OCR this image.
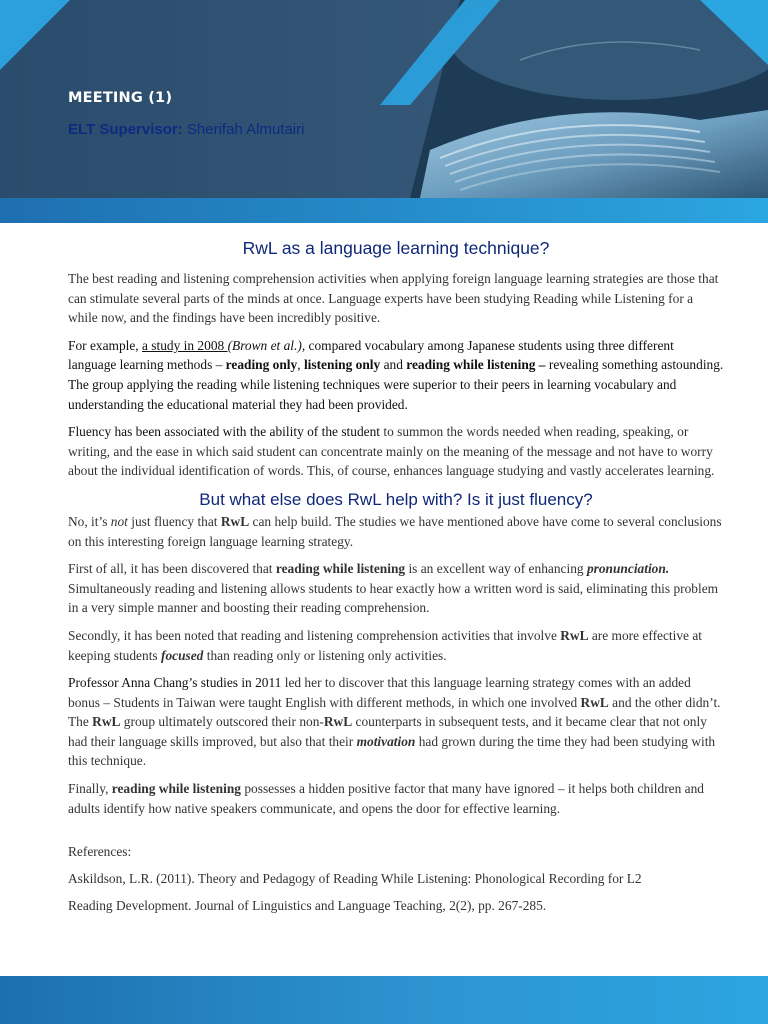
MEETING (1)
ELT Supervisor: Sherifah Almutairi
RwL as a language learning technique?

The best reading and listening comprehension activities when applying foreign language learning strategies are those that can stimulate several parts of the minds at once. Language experts have been studying Reading while Listening for a while now, and the findings have been incredibly positive.

For example, a study in 2008 (Brown et al.), compared vocabulary among Japanese students using three different language learning methods – reading only, listening only and reading while listening – revealing something astounding. The group applying the reading while listening techniques were superior to their peers in learning vocabulary and understanding the educational material they had been provided.

Fluency has been associated with the ability of the student to summon the words needed when reading, speaking, or writing, and the ease in which said student can concentrate mainly on the meaning of the message and not have to worry about the individual identification of words. This, of course, enhances language studying and vastly accelerates learning.

But what else does RwL help with? Is it just fluency?

No, it’s not just fluency that RwL can help build. The studies we have mentioned above have come to several conclusions on this interesting foreign language learning strategy.

First of all, it has been discovered that reading while listening is an excellent way of enhancing pronunciation. Simultaneously reading and listening allows students to hear exactly how a written word is said, eliminating this problem in a very simple manner and boosting their reading comprehension.

Secondly, it has been noted that reading and listening comprehension activities that involve RwL are more effective at keeping students focused than reading only or listening only activities.

Professor Anna Chang’s studies in 2011 led her to discover that this language learning strategy comes with an added bonus – Students in Taiwan were taught English with different methods, in which one involved RwL and the other didn’t. The RwL group ultimately outscored their non-RwL counterparts in subsequent tests, and it became clear that not only had their language skills improved, but also that their motivation had grown during the time they had been studying with this technique.

Finally, reading while listening possesses a hidden positive factor that many have ignored – it helps both children and adults identify how native speakers communicate, and opens the door for effective learning.

References:
Askildson, L.R. (2011). Theory and Pedagogy of Reading While Listening: Phonological Recording for L2
Reading Development. Journal of Linguistics and Language Teaching, 2(2), pp. 267-285.
